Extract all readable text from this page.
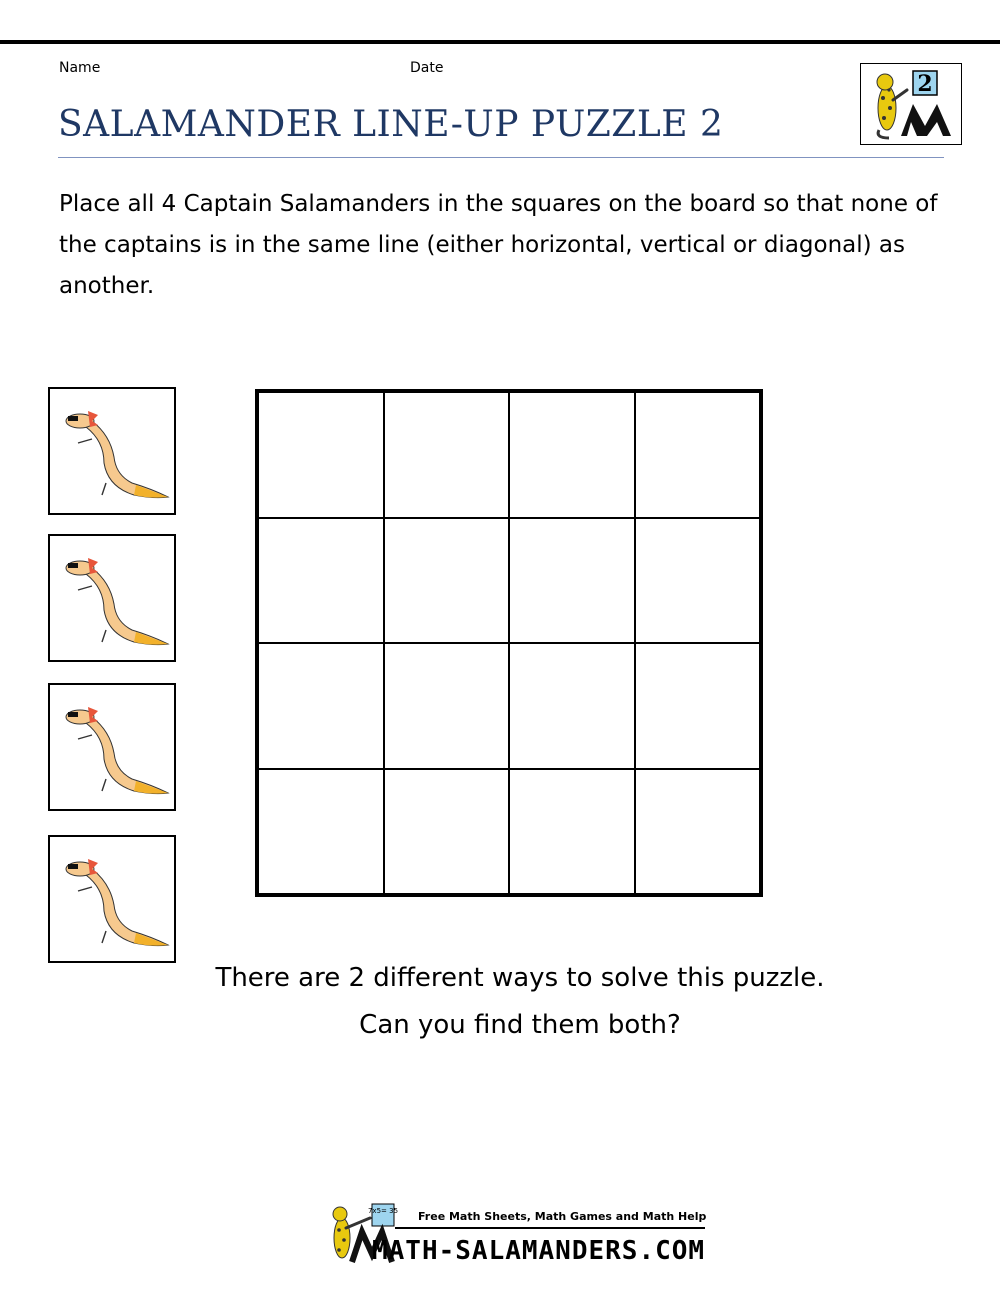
Name	Date
SALAMANDER LINE-UP PUZZLE 2
2

Place all 4 Captain Salamanders in the squares on the board so that none of the captains is in the same line (either horizontal, vertical or diagonal) as another.

There are 2 different ways to solve this puzzle.
Can you find them both?
7x5= 35 Free Math Sheets, Math Games and Math Help
MATH-SALAMANDERS.COM
